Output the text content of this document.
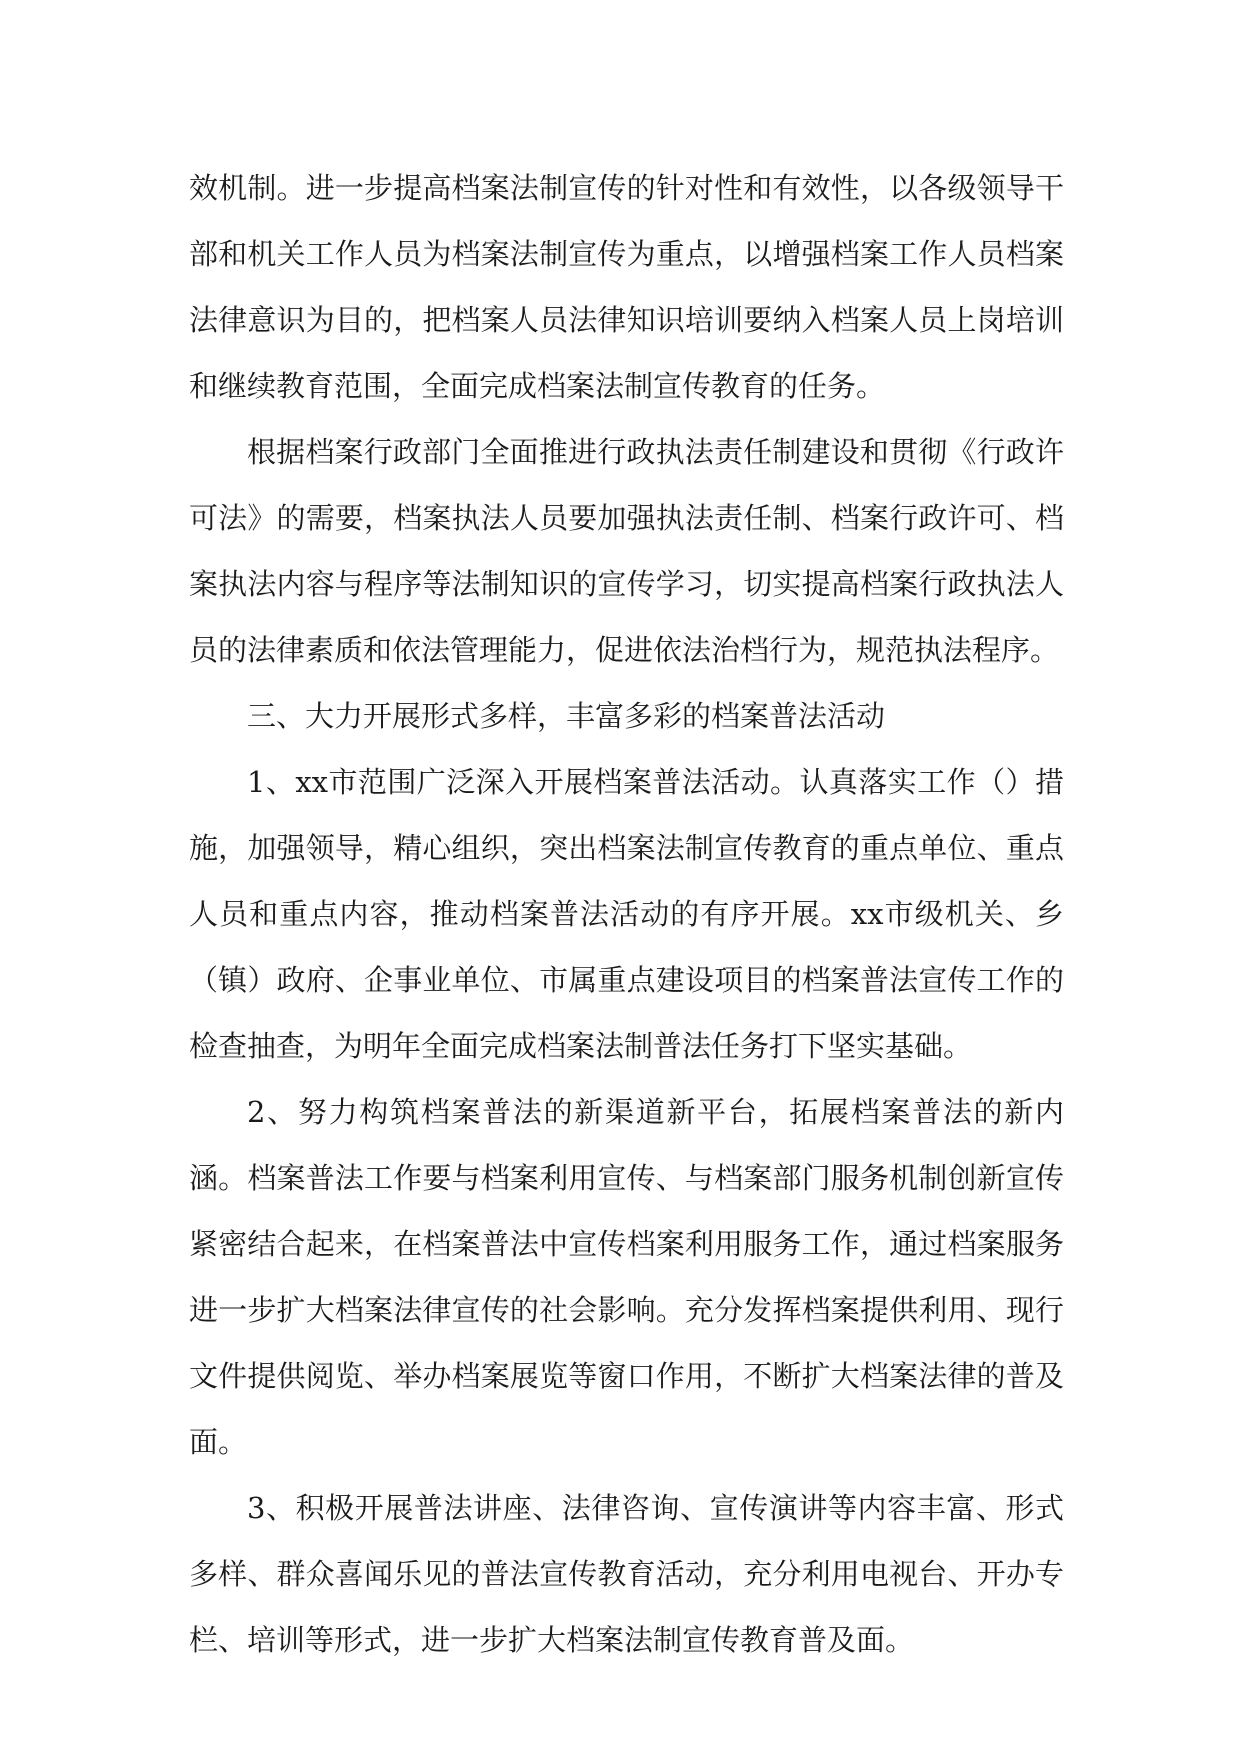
效机制。进一步提高档案法制宣传的针对性和有效性，以各级领导干部和机关工作人员为档案法制宣传为重点，以增强档案工作人员档案法律意识为目的，把档案人员法律知识培训要纳入档案人员上岗培训和继续教育范围，全面完成档案法制宣传教育的任务。

根据档案行政部门全面推进行政执法责任制建设和贯彻《行政许可法》的需要，档案执法人员要加强执法责任制、档案行政许可、档案执法内容与程序等法制知识的宣传学习，切实提高档案行政执法人员的法律素质和依法管理能力，促进依法治档行为，规范执法程序。

三、大力开展形式多样，丰富多彩的档案普法活动

1、xx市范围广泛深入开展档案普法活动。认真落实工作（）措施，加强领导，精心组织，突出档案法制宣传教育的重点单位、重点人员和重点内容，推动档案普法活动的有序开展。xx市级机关、乡（镇）政府、企事业单位、市属重点建设项目的档案普法宣传工作的检查抽查，为明年全面完成档案法制普法任务打下坚实基础。

2、努力构筑档案普法的新渠道新平台，拓展档案普法的新内涵。档案普法工作要与档案利用宣传、与档案部门服务机制创新宣传紧密结合起来，在档案普法中宣传档案利用服务工作，通过档案服务进一步扩大档案法律宣传的社会影响。充分发挥档案提供利用、现行文件提供阅览、举办档案展览等窗口作用，不断扩大档案法律的普及面。

3、积极开展普法讲座、法律咨询、宣传演讲等内容丰富、形式多样、群众喜闻乐见的普法宣传教育活动，充分利用电视台、开办专栏、培训等形式，进一步扩大档案法制宣传教育普及面。
